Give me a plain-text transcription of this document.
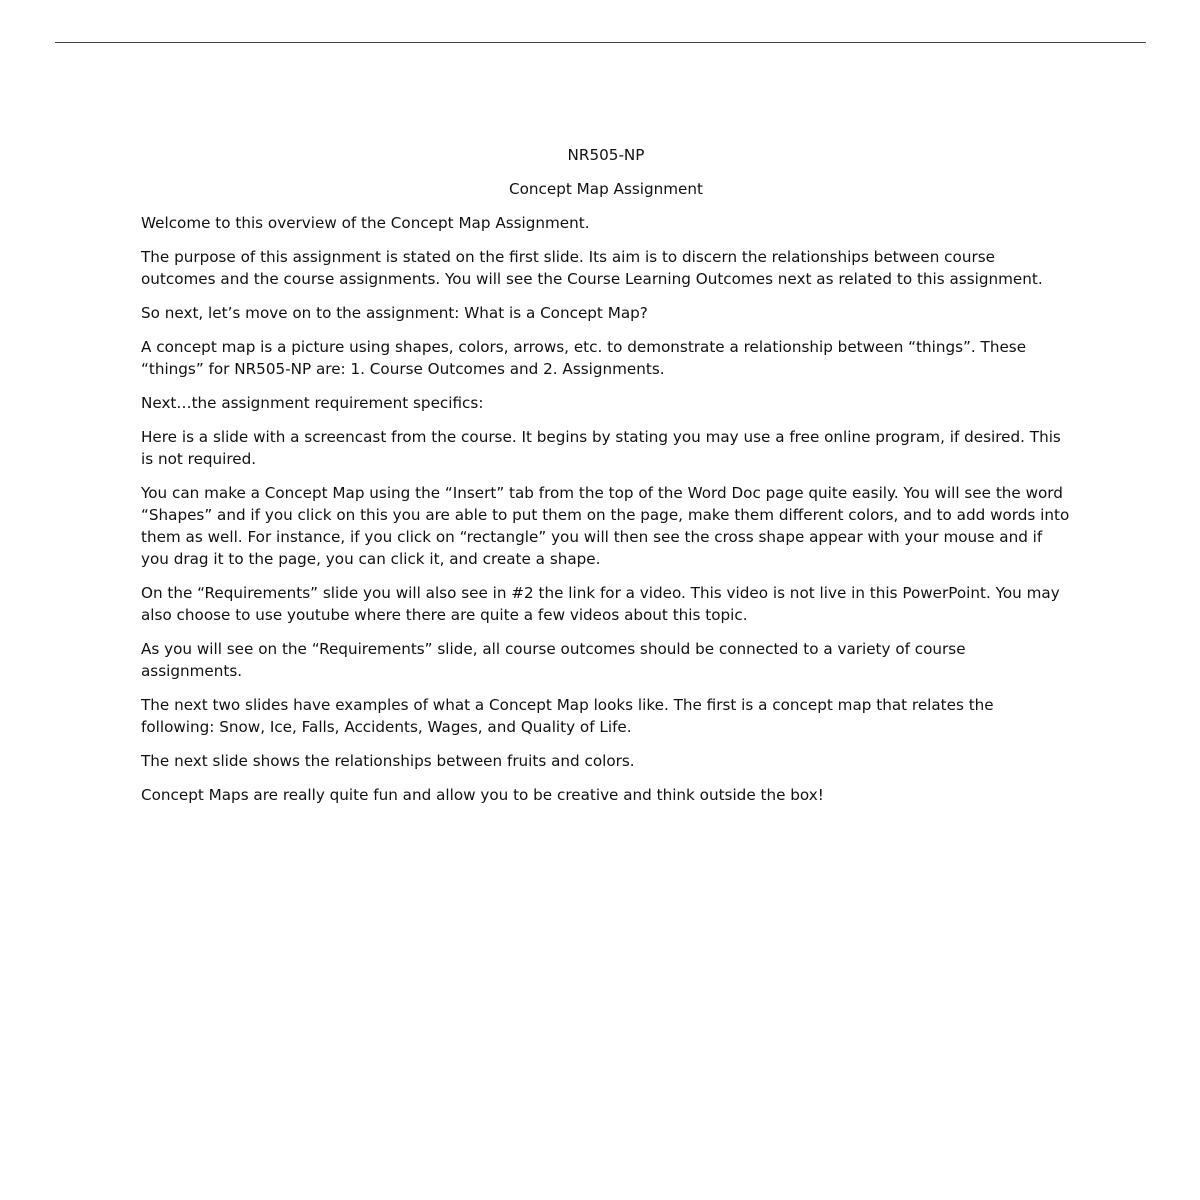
NR505-NP

Concept Map Assignment

Welcome to this overview of the Concept Map Assignment.

The purpose of this assignment is stated on the first slide. Its aim is to discern the relationships between course outcomes and the course assignments. You will see the Course Learning Outcomes next as related to this assignment.

So next, let’s move on to the assignment: What is a Concept Map?

A concept map is a picture using shapes, colors, arrows, etc. to demonstrate a relationship between “things”. These “things” for NR505-NP are: 1. Course Outcomes and 2. Assignments.

Next…the assignment requirement specifics:

Here is a slide with a screencast from the course. It begins by stating you may use a free online program, if desired. This is not required.

You can make a Concept Map using the “Insert” tab from the top of the Word Doc page quite easily. You will see the word “Shapes” and if you click on this you are able to put them on the page, make them different colors, and to add words into them as well. For instance, if you click on “rectangle” you will then see the cross shape appear with your mouse and if you drag it to the page, you can click it, and create a shape.

On the “Requirements” slide you will also see in #2 the link for a video. This video is not live in this PowerPoint. You may also choose to use youtube where there are quite a few videos about this topic.

As you will see on the “Requirements” slide, all course outcomes should be connected to a variety of course assignments.

The next two slides have examples of what a Concept Map looks like. The first is a concept map that relates the following: Snow, Ice, Falls, Accidents, Wages, and Quality of Life.

The next slide shows the relationships between fruits and colors.

Concept Maps are really quite fun and allow you to be creative and think outside the box!
